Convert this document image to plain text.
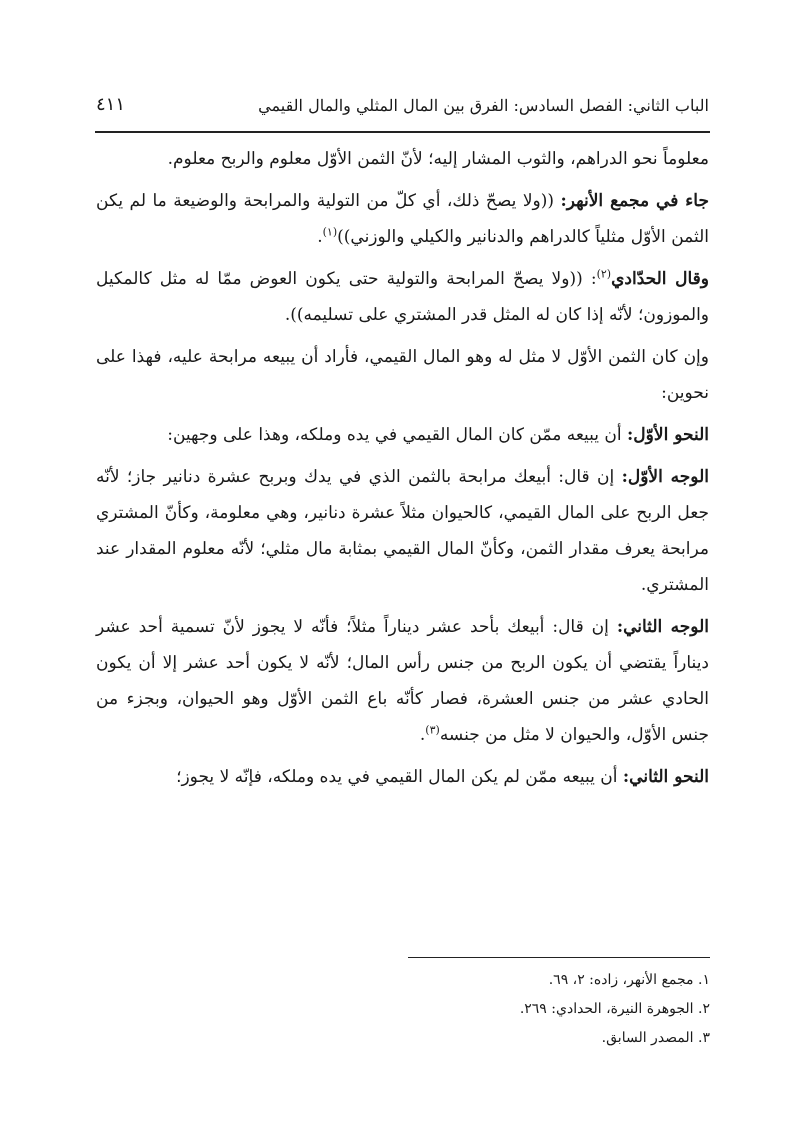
الباب الثاني: الفصل السادس: الفرق بين المال المثلي والمال القيمي
٤١١

معلوماً نحو الدراهم، والثوب المشار إليه؛ لأنّ الثمن الأوّل معلوم والربح معلوم.

جاء في مجمع الأنهر: ((ولا يصحّ ذلك، أي كلّ من التولية والمرابحة والوضيعة ما لم يكن الثمن الأوّل مثلياً كالدراهم والدنانير والكيلي والوزني))$^{(١)}$.

وقال الحدّادي$^{(٢)}$: ((ولا يصحّ المرابحة والتولية حتى يكون العوض ممّا له مثل كالمكيل والموزون؛ لأنّه إذا كان له المثل قدر المشتري على تسليمه)).

وإن كان الثمن الأوّل لا مثل له وهو المال القيمي، فأراد أن يبيعه مرابحة عليه، فهذا على نحوين:

النحو الأوّل: أن يبيعه ممّن كان المال القيمي في يده وملكه، وهذا على وجهين:

الوجه الأوّل: إن قال: أبيعك مرابحة بالثمن الذي في يدك وبربح عشرة دنانير جاز؛ لأنّه جعل الربح على المال القيمي، كالحيوان مثلاً عشرة دنانير، وهي معلومة، وكأنّ المشتري مرابحة يعرف مقدار الثمن، وكأنّ المال القيمي بمثابة مال مثلي؛ لأنّه معلوم المقدار عند المشتري.

الوجه الثاني: إن قال: أبيعك بأحد عشر ديناراً مثلاً؛ فأنّه لا يجوز لأنّ تسمية أحد عشر ديناراً يقتضي أن يكون الربح من جنس رأس المال؛ لأنّه لا يكون أحد عشر إلا أن يكون الحادي عشر من جنس العشرة، فصار كأنّه باع الثمن الأوّل وهو الحيوان، وبجزء من جنس الأوّل، والحيوان لا مثل من جنسه$^{(٣)}$.

النحو الثاني: أن يبيعه ممّن لم يكن المال القيمي في يده وملكه، فإنّه لا يجوز؛

١. مجمع الأنهر، زاده: ٢، ٦٩.

٢. الجوهرة النيرة، الحدادي: ٢٦٩.

٣. المصدر السابق.
